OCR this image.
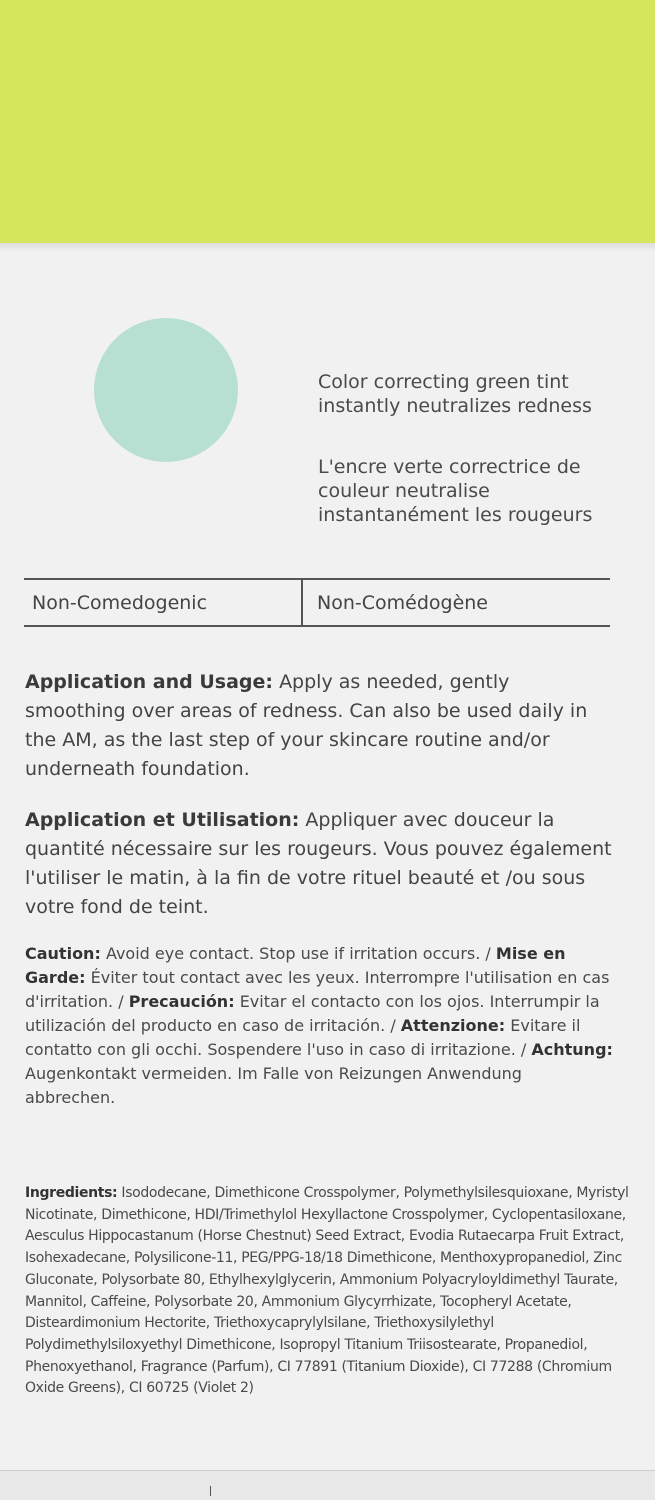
Color correcting green tint instantly neutralizes redness
L'encre verte correctrice de couleur neutralise instantanément les rougeurs
Non-Comedogenic	Non-Comédogène

Application and Usage: Apply as needed, gently smoothing over areas of redness. Can also be used daily in the AM, as the last step of your skincare routine and/or underneath foundation.

Application et Utilisation: Appliquer avec douceur la quantité nécessaire sur les rougeurs. Vous pouvez également l'utiliser le matin, à la fin de votre rituel beauté et /ou sous votre fond de teint.

Caution: Avoid eye contact. Stop use if irritation occurs. / Mise en Garde: Éviter tout contact avec les yeux. Interrompre l'utilisation en cas d'irritation. / Precaución: Evitar el contacto con los ojos. Interrumpir la utilización del producto en caso de irritación. / Attenzione: Evitare il contatto con gli occhi. Sospendere l'uso in caso di irritazione. / Achtung: Augenkontakt vermeiden. Im Falle von Reizungen Anwendung abbrechen.

Ingredients: Isododecane, Dimethicone Crosspolymer, Polymethylsilesquioxane, Myristyl Nicotinate, Dimethicone, HDI/Trimethylol Hexyllactone Crosspolymer, Cyclopentasiloxane, Aesculus Hippocastanum (Horse Chestnut) Seed Extract, Evodia Rutaecarpa Fruit Extract, Isohexadecane, Polysilicone-11, PEG/PPG-18/18 Dimethicone, Menthoxypropanediol, Zinc Gluconate, Polysorbate 80, Ethylhexylglycerin, Ammonium Polyacryloyldimethyl Taurate, Mannitol, Caffeine, Polysorbate 20, Ammonium Glycyrrhizate, Tocopheryl Acetate, Disteardimonium Hectorite, Triethoxycaprylylsilane, Triethoxysilylethyl Polydimethylsiloxyethyl Dimethicone, Isopropyl Titanium Triisostearate, Propanediol, Phenoxyethanol, Fragrance (Parfum), CI 77891 (Titanium Dioxide), CI 77288 (Chromium Oxide Greens), CI 60725 (Violet 2)
